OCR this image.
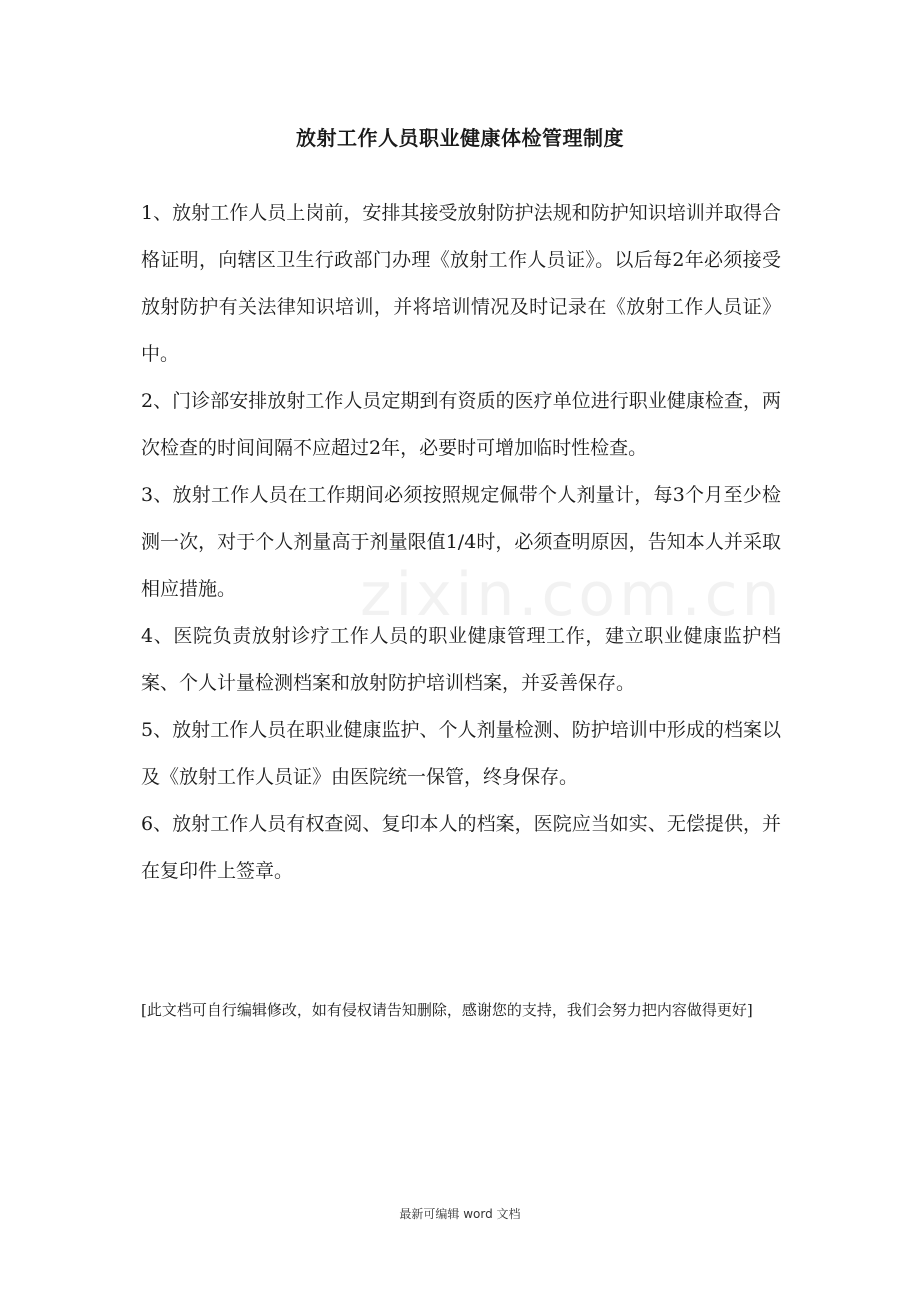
zixin.com.cn
放射工作人员职业健康体检管理制度

1、放射工作人员上岗前，安排其接受放射防护法规和防护知识培训并取得合格证明，向辖区卫生行政部门办理《放射工作人员证》。以后每2年必须接受放射防护有关法律知识培训，并将培训情况及时记录在《放射工作人员证》中。

2、门诊部安排放射工作人员定期到有资质的医疗单位进行职业健康检查，两次检查的时间间隔不应超过2年，必要时可增加临时性检查。

3、放射工作人员在工作期间必须按照规定佩带个人剂量计，每3个月至少检测一次，对于个人剂量高于剂量限值1/4时，必须查明原因，告知本人并采取相应措施。

4、医院负责放射诊疗工作人员的职业健康管理工作，建立职业健康监护档案、个人计量检测档案和放射防护培训档案，并妥善保存。

5、放射工作人员在职业健康监护、个人剂量检测、防护培训中形成的档案以及《放射工作人员证》由医院统一保管，终身保存。

6、放射工作人员有权查阅、复印本人的档案，医院应当如实、无偿提供，并在复印件上签章。

[此文档可自行编辑修改，如有侵权请告知删除，感谢您的支持，我们会努力把内容做得更好]
最新可编辑 word 文档
